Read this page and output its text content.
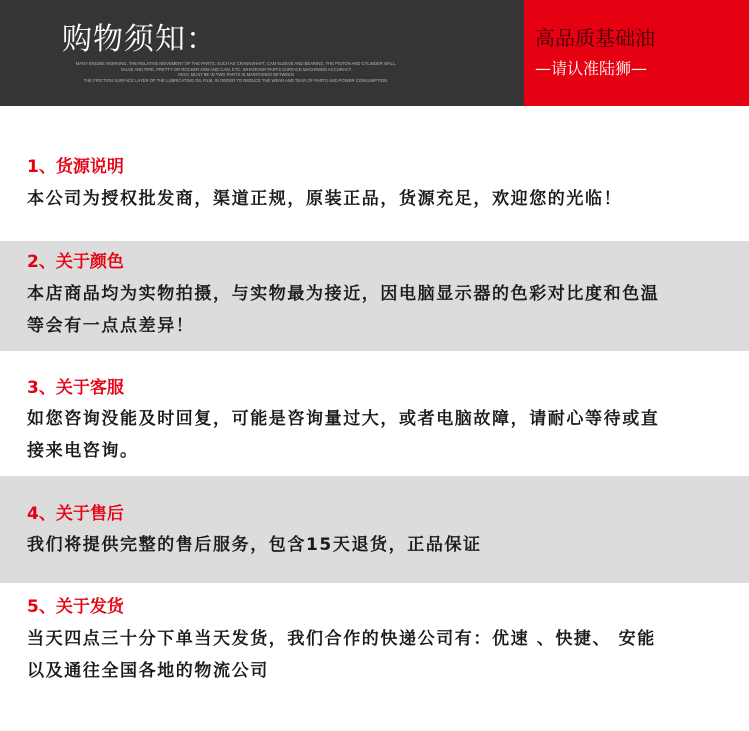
购物须知：
MANY ENGINE WORKING, THE RELATIVE MOVEMENT OF THE PARTS, SUCH AS CRANKSHAFT, CAM SLEEVE AND BEARING, THE PISTON AND CYLINDER WALL,
VALVE AND PIPE, PRETTY OR ROCKER ARM AND CAM, ETC. WHATEVER PARTS SURFACE MACHINING ACCURACY
HIGH, MUST BE IN TWO PARTS IS MAINTAINED BETWEEN
THE FRICTION SURFACE LAYER OF THE LUBRICATING OIL FILM, IN ORDER TO REDUCE THE WEAR AND TEAR OF PARTS AND POWER CONSUMPTION.
高品质基础油
—请认准陆狮—
1、货源说明
本公司为授权批发商，渠道正规，原装正品，货源充足，欢迎您的光临！
2、关于颜色
本店商品均为实物拍摄，与实物最为接近，因电脑显示器的色彩对比度和色温
等会有一点点差异！
3、关于客服
如您咨询没能及时回复，可能是咨询量过大，或者电脑故障，请耐心等待或直
接来电咨询。
4、关于售后
我们将提供完整的售后服务，包含15天退货，正品保证
5、关于发货
当天四点三十分下单当天发货，我们合作的快递公司有：优速 、快捷、 安能
以及通往全国各地的物流公司
